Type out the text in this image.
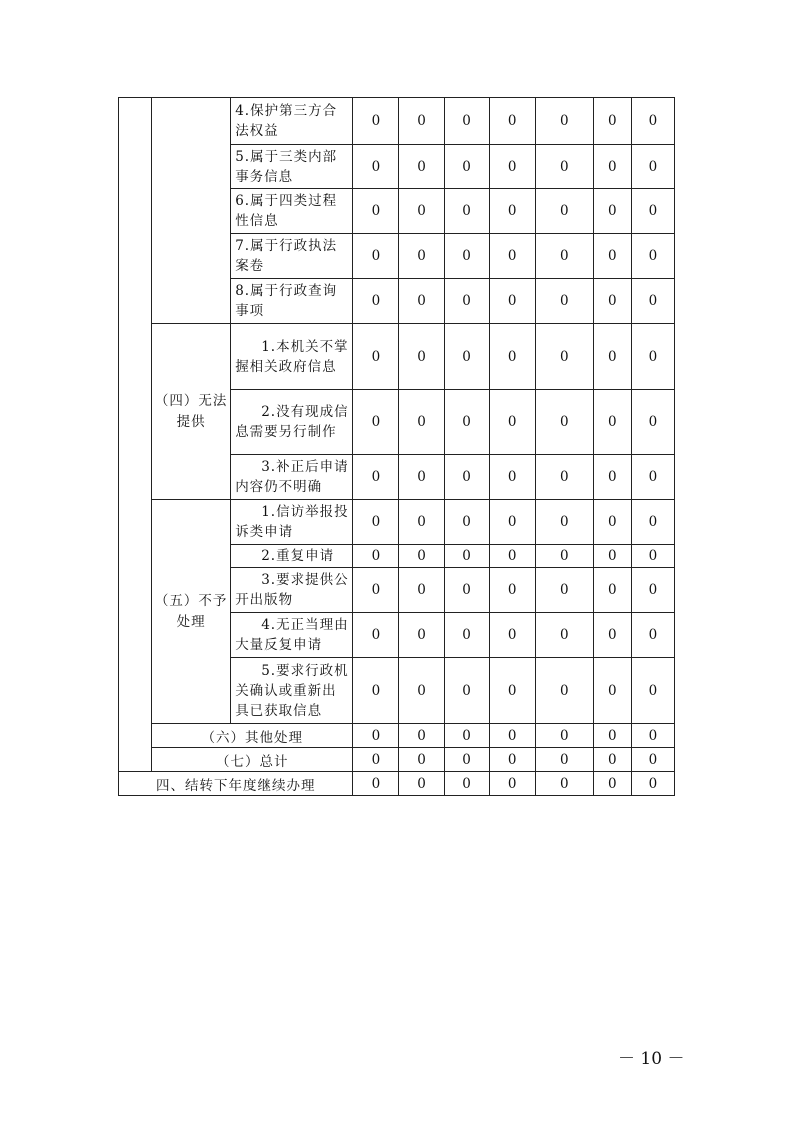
		4.保护第三方合法权益	0	0	0	0	0	0	0
		5.属于三类内部事务信息	0	0	0	0	0	0	0
		6.属于四类过程性信息	0	0	0	0	0	0	0
		7.属于行政执法案卷	0	0	0	0	0	0	0
		8.属于行政查询事项	0	0	0	0	0	0	0
	（四）无法提供	1.本机关不掌握相关政府信息	0	0	0	0	0	0	0
		2.没有现成信息需要另行制作	0	0	0	0	0	0	0
		3.补正后申请内容仍不明确	0	0	0	0	0	0	0
	（五）不予处理	1.信访举报投诉类申请	0	0	0	0	0	0	0
		2.重复申请	0	0	0	0	0	0	0
		3.要求提供公开出版物	0	0	0	0	0	0	0
		4.无正当理由大量反复申请	0	0	0	0	0	0	0
		5.要求行政机关确认或重新出具已获取信息	0	0	0	0	0	0	0
	（六）其他处理		0	0	0	0	0	0	0
	（七）总计		0	0	0	0	0	0	0
四、结转下年度继续办理			0	0	0	0	0	0	0
－ 10 －
